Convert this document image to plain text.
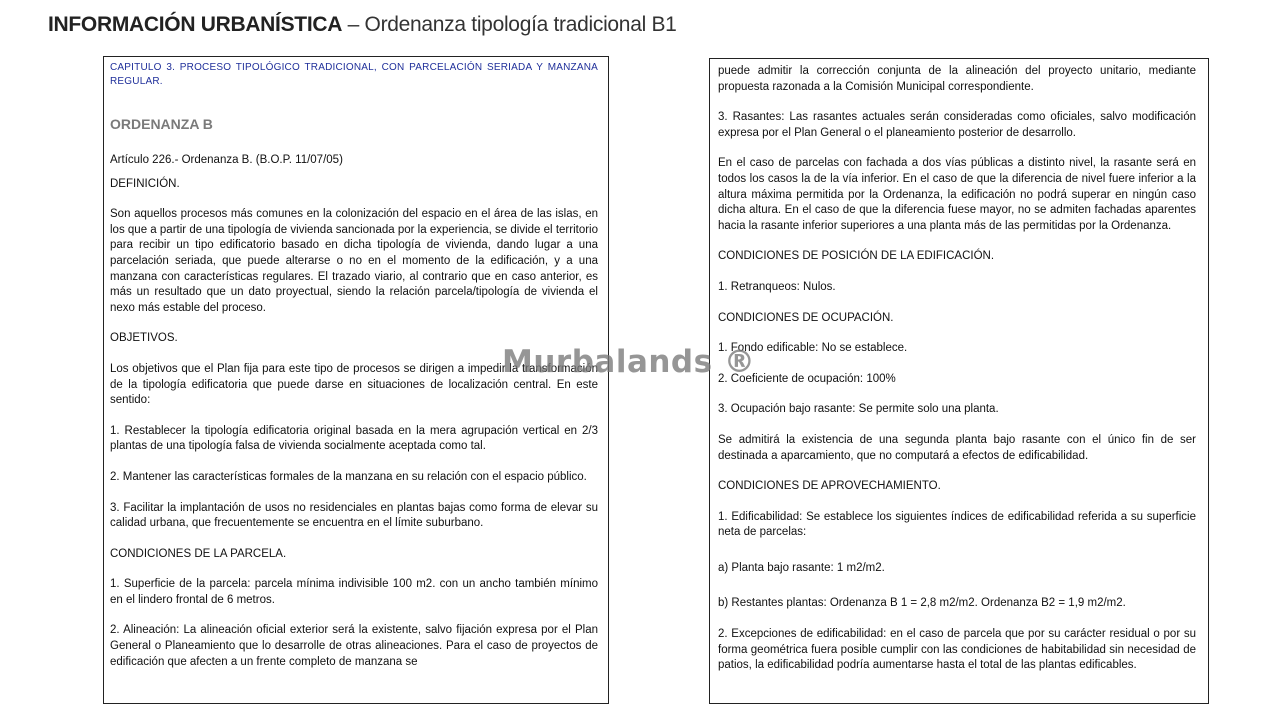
INFORMACIÓN URBANÍSTICA – Ordenanza tipología tradicional B1

CAPITULO 3. PROCESO TIPOLÓGICO TRADICIONAL, CON PARCELACIÓN SERIADA Y MANZANA REGULAR.

ORDENANZA B

Artículo 226.- Ordenanza B. (B.O.P. 11/07/05)

DEFINICIÓN.

Son aquellos procesos más comunes en la colonización del espacio en el área de las islas, en los que a partir de una tipología de vivienda sancionada por la experiencia, se divide el territorio para recibir un tipo edificatorio basado en dicha tipología de vivienda, dando lugar a una parcelación seriada, que puede alterarse o no en el momento de la edificación, y a una manzana con características regulares. El trazado viario, al contrario que en caso anterior, es más un resultado que un dato proyectual, siendo la relación parcela/tipología de vivienda el nexo más estable del proceso.

OBJETIVOS.

Los objetivos que el Plan fija para este tipo de procesos se dirigen a impedir la transformación de la tipología edificatoria que puede darse en situaciones de localización central. En este sentido:

1. Restablecer la tipología edificatoria original basada en la mera agrupación vertical en 2/3 plantas de una tipología falsa de vivienda socialmente aceptada como tal.

2. Mantener las características formales de la manzana en su relación con el espacio público.

3. Facilitar la implantación de usos no residenciales en plantas bajas como forma de elevar su calidad urbana, que frecuentemente se encuentra en el límite suburbano.

CONDICIONES DE LA PARCELA.

1. Superficie de la parcela: parcela mínima indivisible 100 m2. con un ancho también mínimo en el lindero frontal de 6 metros.

2. Alineación: La alineación oficial exterior será la existente, salvo fijación expresa por el Plan General o Planeamiento que lo desarrolle de otras alineaciones. Para el caso de proyectos de edificación que afecten a un frente completo de manzana se

puede admitir la corrección conjunta de la alineación del proyecto unitario, mediante propuesta razonada a la Comisión Municipal correspondiente.

3. Rasantes: Las rasantes actuales serán consideradas como oficiales, salvo modificación expresa por el Plan General o el planeamiento posterior de desarrollo.

En el caso de parcelas con fachada a dos vías públicas a distinto nivel, la rasante será en todos los casos la de la vía inferior. En el caso de que la diferencia de nivel fuere inferior a la altura máxima permitida por la Ordenanza, la edificación no podrá superar en ningún caso dicha altura. En el caso de que la diferencia fuese mayor, no se admiten fachadas aparentes hacia la rasante inferior superiores a una planta más de las permitidas por la Ordenanza.

CONDICIONES DE POSICIÓN DE LA EDIFICACIÓN.

1. Retranqueos: Nulos.

CONDICIONES DE OCUPACIÓN.

1. Fondo edificable: No se establece.

2. Coeficiente de ocupación: 100%

3. Ocupación bajo rasante: Se permite solo una planta.

Se admitirá la existencia de una segunda planta bajo rasante con el único fin de ser destinada a aparcamiento, que no computará a efectos de edificabilidad.

CONDICIONES DE APROVECHAMIENTO.

1. Edificabilidad: Se establece los siguientes índices de edificabilidad referida a su superficie neta de parcelas:

a) Planta bajo rasante: 1 m2/m2.

b) Restantes plantas: Ordenanza B 1 = 2,8 m2/m2. Ordenanza B2 = 1,9 m2/m2.

2. Excepciones de edificabilidad: en el caso de parcela que por su carácter residual o por su forma geométrica fuera posible cumplir con las condiciones de habitabilidad sin necesidad de patios, la edificabilidad podría aumentarse hasta el total de las plantas edificables.

Murbalands ®
